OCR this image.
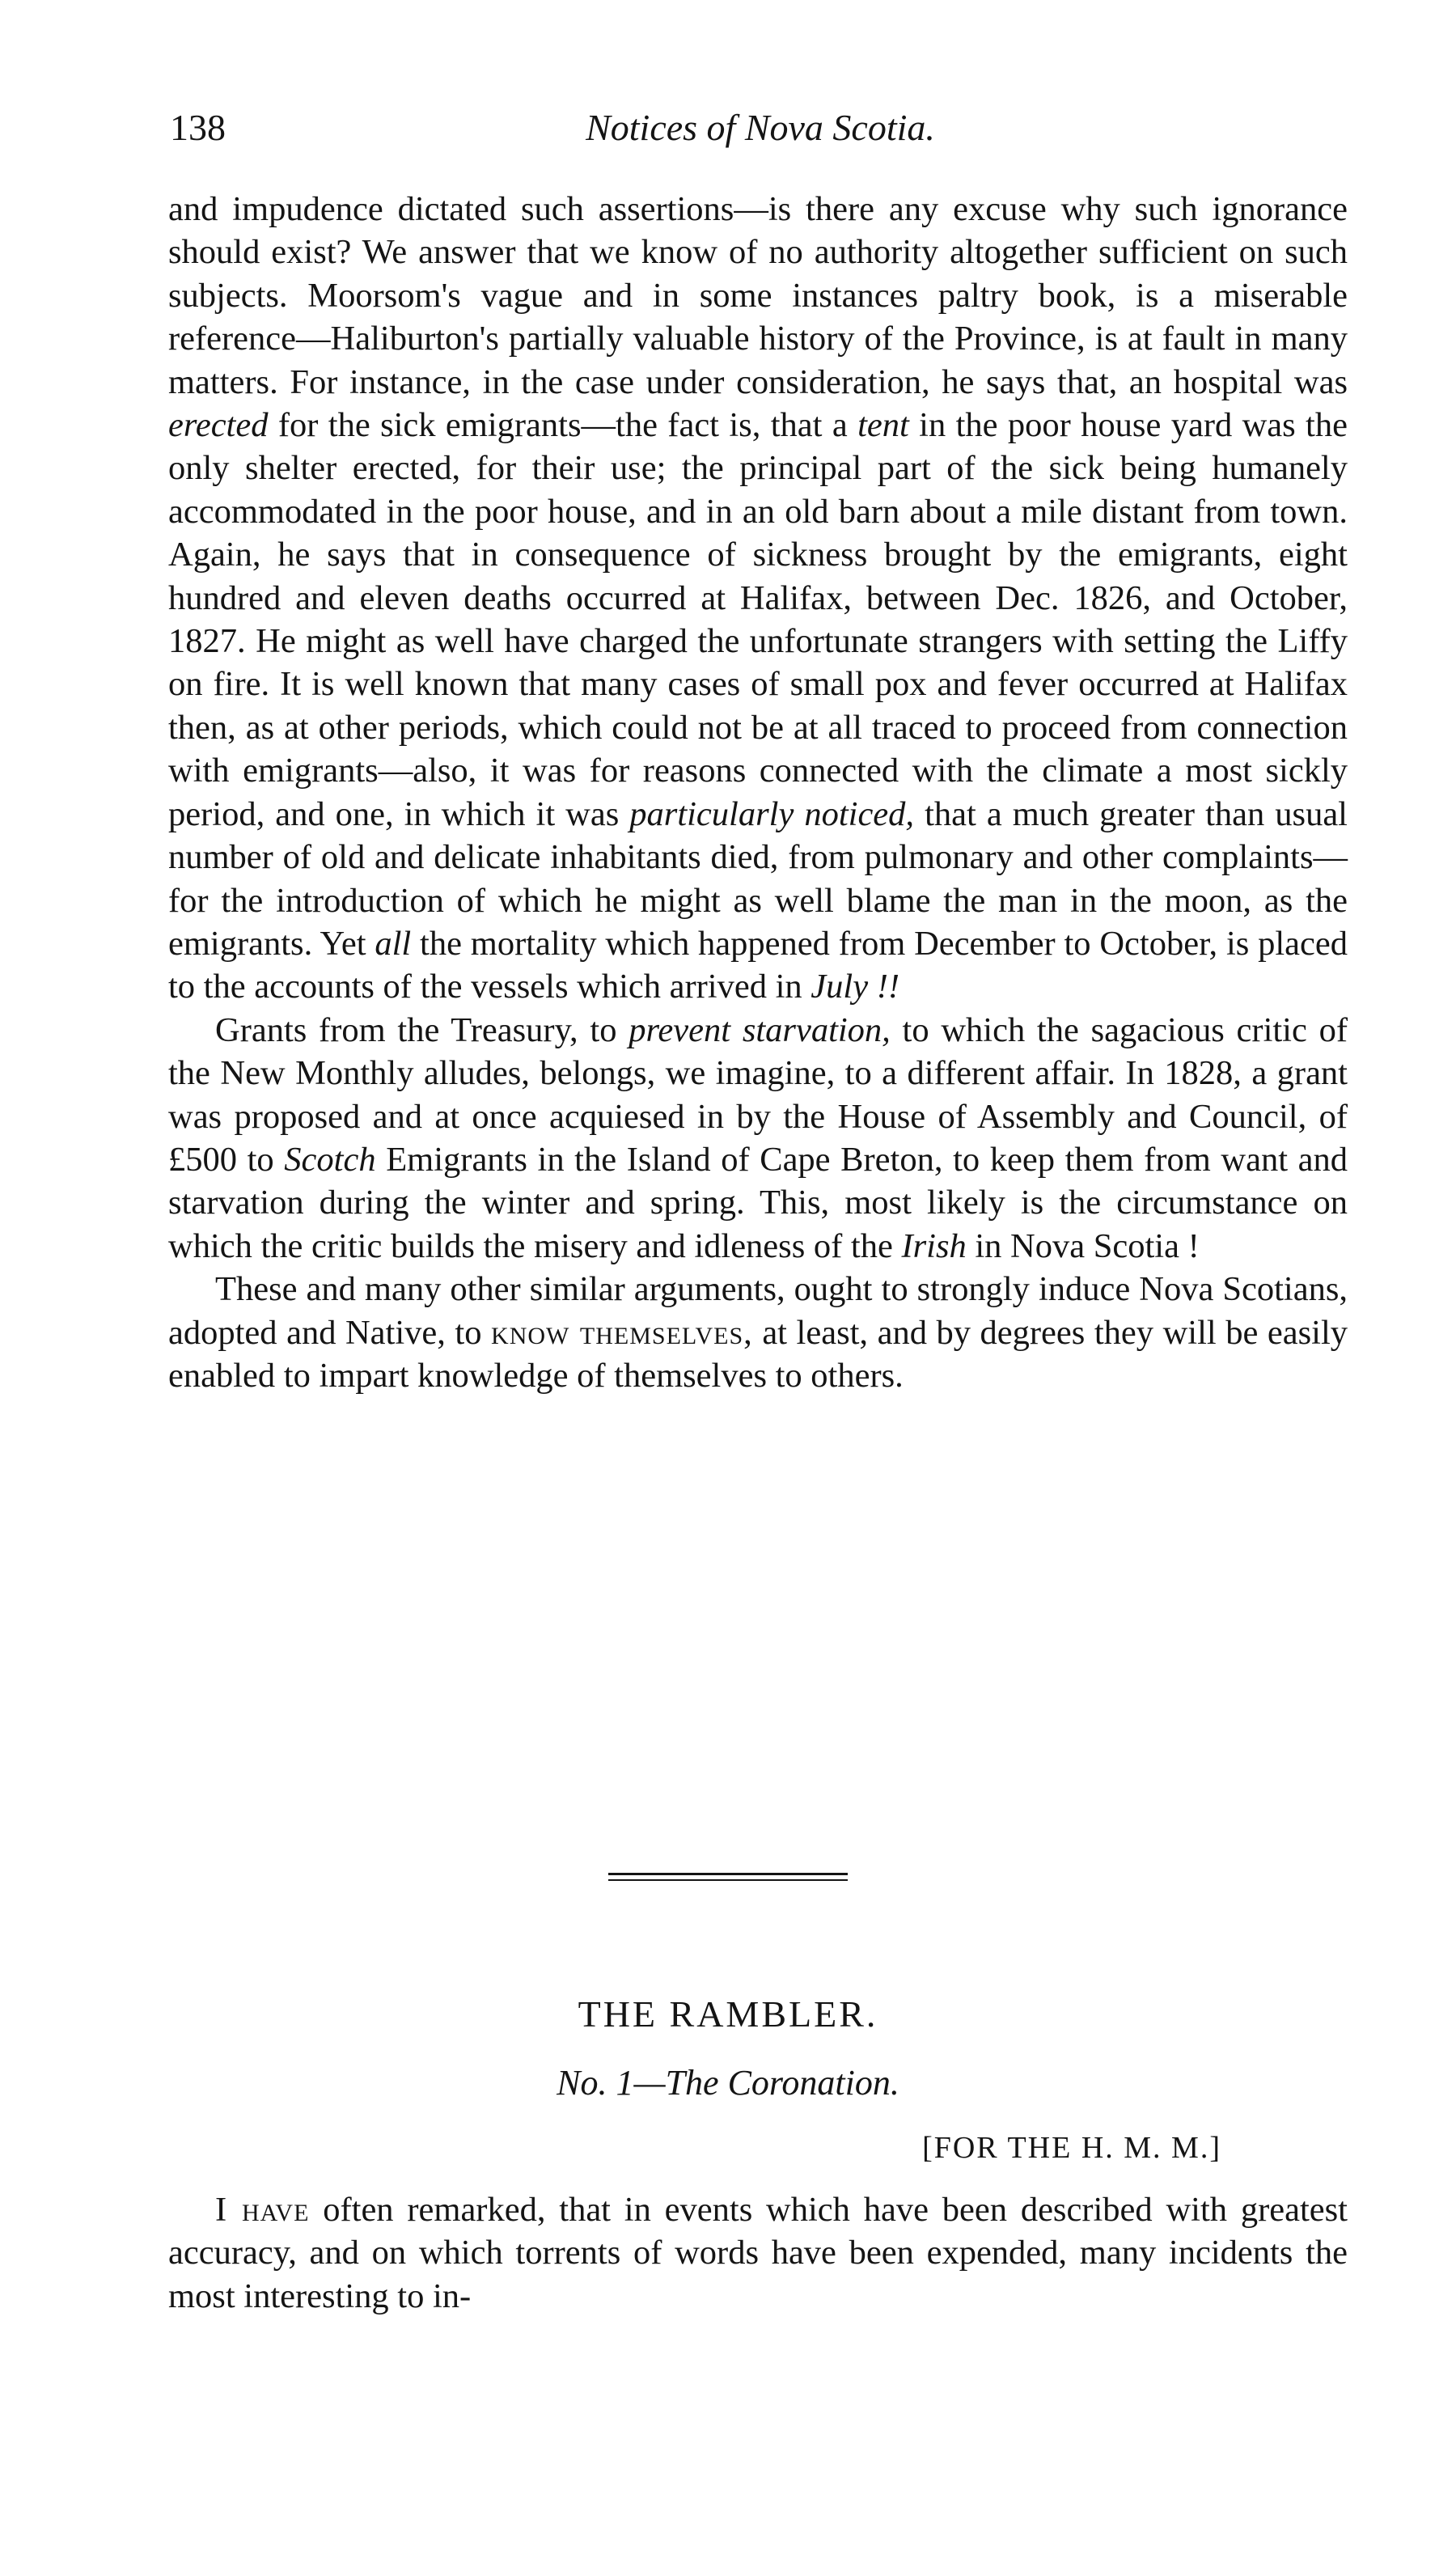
138	Notices of Nova Scotia.

and impudence dictated such assertions—is there any excuse why such ignorance should exist? We answer that we know of no authority altogether sufficient on such subjects. Moorsom's vague and in some instances paltry book, is a miserable reference—Haliburton's partially valuable history of the Province, is at fault in many matters. For instance, in the case under consideration, he says that, an hospital was erected for the sick emigrants—the fact is, that a tent in the poor house yard was the only shelter erected, for their use; the principal part of the sick being humanely accommodated in the poor house, and in an old barn about a mile distant from town. Again, he says that in consequence of sickness brought by the emigrants, eight hundred and eleven deaths occurred at Halifax, between Dec. 1826, and October, 1827. He might as well have charged the unfortunate strangers with setting the Liffy on fire. It is well known that many cases of small pox and fever occurred at Halifax then, as at other periods, which could not be at all traced to proceed from connection with emigrants—also, it was for reasons connected with the climate a most sickly period, and one, in which it was particularly noticed, that a much greater than usual number of old and delicate inhabitants died, from pulmonary and other complaints—for the introduction of which he might as well blame the man in the moon, as the emigrants. Yet all the mortality which happened from December to October, is placed to the accounts of the vessels which arrived in July !!

Grants from the Treasury, to prevent starvation, to which the sagacious critic of the New Monthly alludes, belongs, we imagine, to a different affair. In 1828, a grant was proposed and at once acquiesed in by the House of Assembly and Council, of £500 to Scotch Emigrants in the Island of Cape Breton, to keep them from want and starvation during the winter and spring. This, most likely is the circumstance on which the critic builds the misery and idleness of the Irish in Nova Scotia !

These and many other similar arguments, ought to strongly induce Nova Scotians, adopted and Native, to know themselves, at least, and by degrees they will be easily enabled to impart knowledge of themselves to others.

THE RAMBLER.
No. 1—The Coronation.
[FOR THE H. M. M.]

I have often remarked, that in events which have been described with greatest accuracy, and on which torrents of words have been expended, many incidents the most interesting to in-
